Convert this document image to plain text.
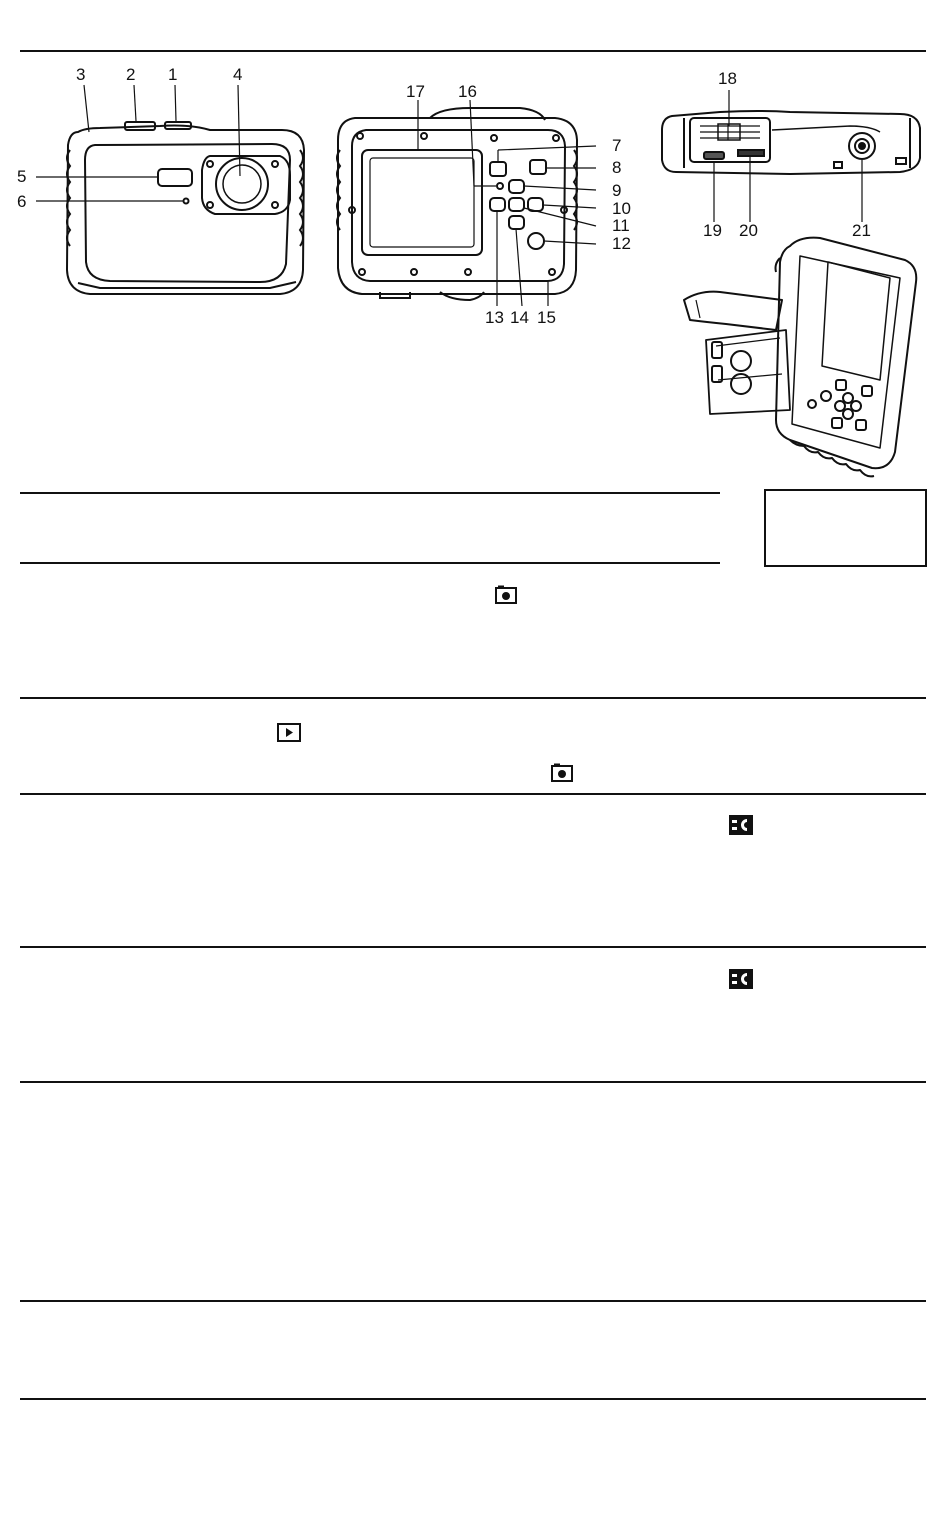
3 2 1	4
5
6
17 16
7
8
9
10
11
12
13 14 15
18
19 20	21
